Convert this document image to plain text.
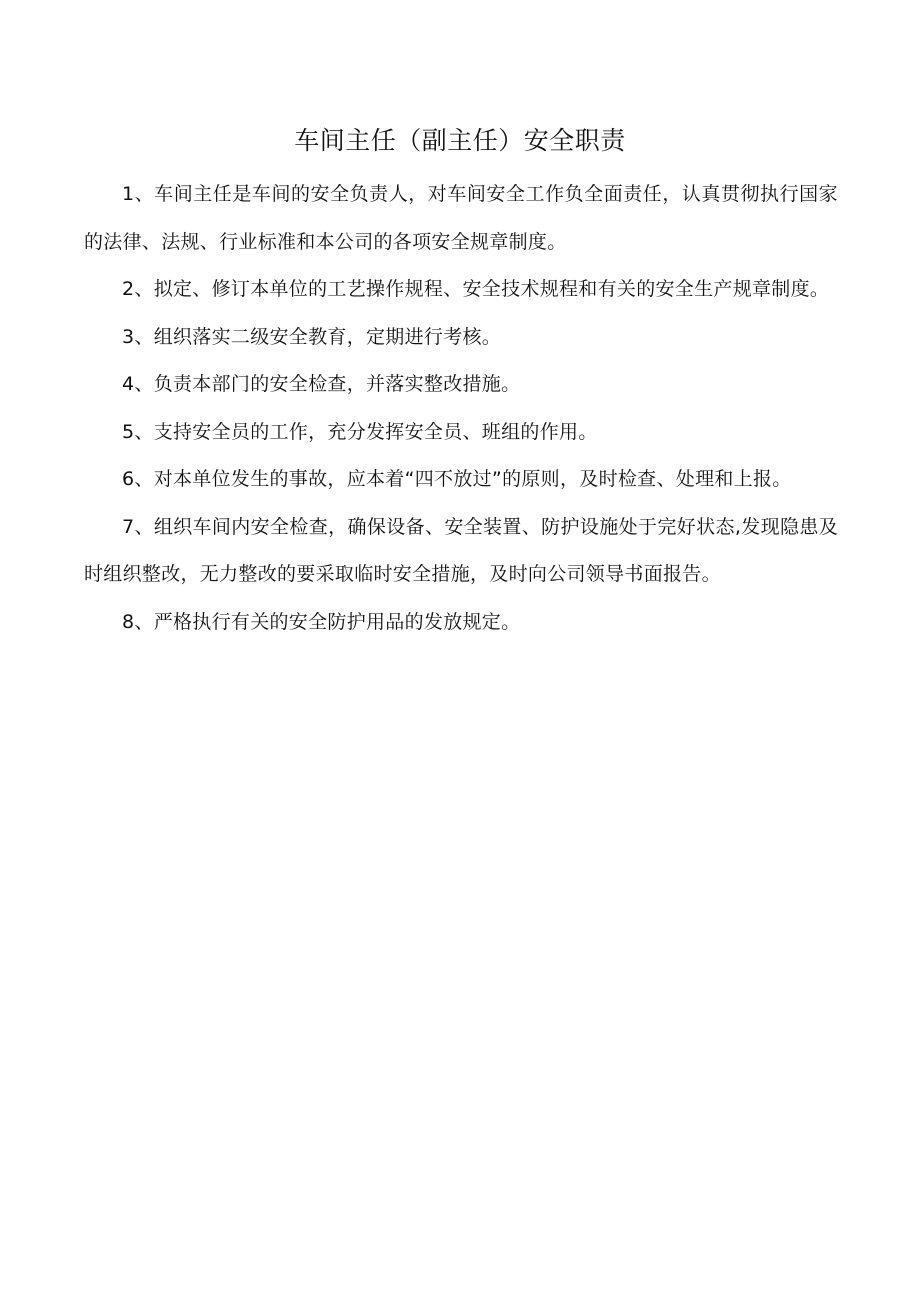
车间主任（副主任）安全职责
1、车间主任是车间的安全负责人，对车间安全工作负全面责任，认真贯彻执行国家的法律、法规、行业标准和本公司的各项安全规章制度。
2、拟定、修订本单位的工艺操作规程、安全技术规程和有关的安全生产规章制度。
3、组织落实二级安全教育，定期进行考核。
4、负责本部门的安全检查，并落实整改措施。
5、支持安全员的工作，充分发挥安全员、班组的作用。
6、对本单位发生的事故，应本着“四不放过”的原则，及时检查、处理和上报。
7、组织车间内安全检查，确保设备、安全装置、防护设施处于完好状态,发现隐患及时组织整改，无力整改的要采取临时安全措施，及时向公司领导书面报告。
8、严格执行有关的安全防护用品的发放规定。
